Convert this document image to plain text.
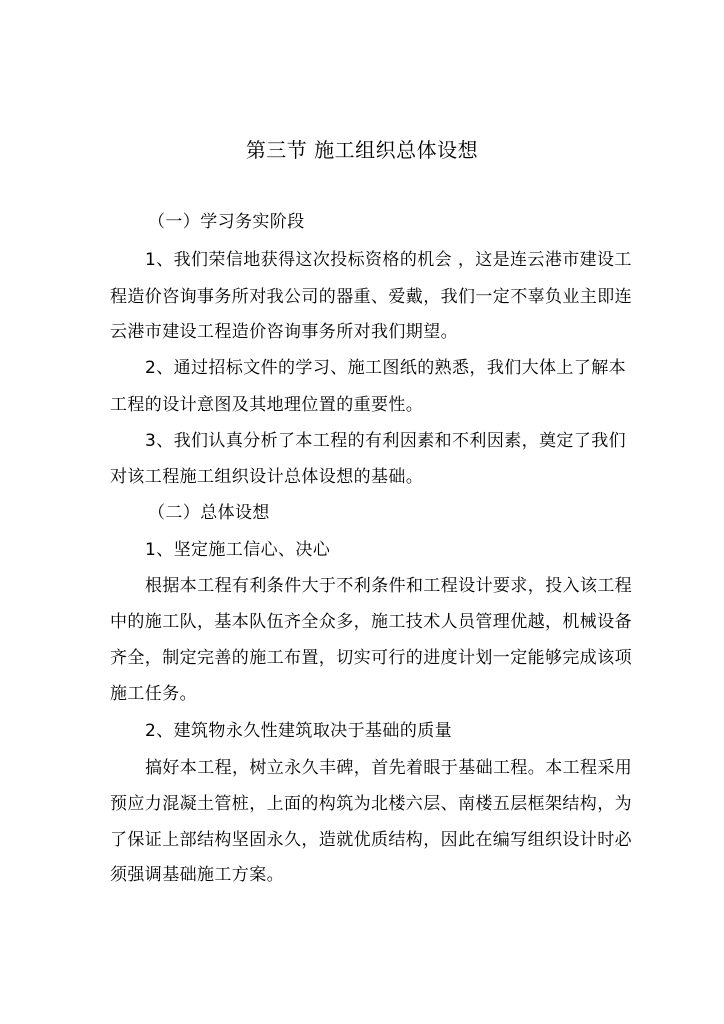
第三节 施工组织总体设想
（一）学习务实阶段
1、我们荣信地获得这次投标资格的机会 ，这是连云港市建设工
程造价咨询事务所对我公司的器重、爱戴，我们一定不辜负业主即连
云港市建设工程造价咨询事务所对我们期望。
2、通过招标文件的学习、施工图纸的熟悉，我们大体上了解本
工程的设计意图及其地理位置的重要性。
3、我们认真分析了本工程的有利因素和不利因素，奠定了我们
对该工程施工组织设计总体设想的基础。
（二）总体设想
1、坚定施工信心、决心
根据本工程有利条件大于不利条件和工程设计要求，投入该工程
中的施工队，基本队伍齐全众多，施工技术人员管理优越，机械设备
齐全，制定完善的施工布置，切实可行的进度计划一定能够完成该项
施工任务。
2、建筑物永久性建筑取决于基础的质量
搞好本工程，树立永久丰碑，首先着眼于基础工程。本工程采用
预应力混凝土管桩，上面的构筑为北楼六层、南楼五层框架结构，为
了保证上部结构坚固永久，造就优质结构，因此在编写组织设计时必
须强调基础施工方案。
